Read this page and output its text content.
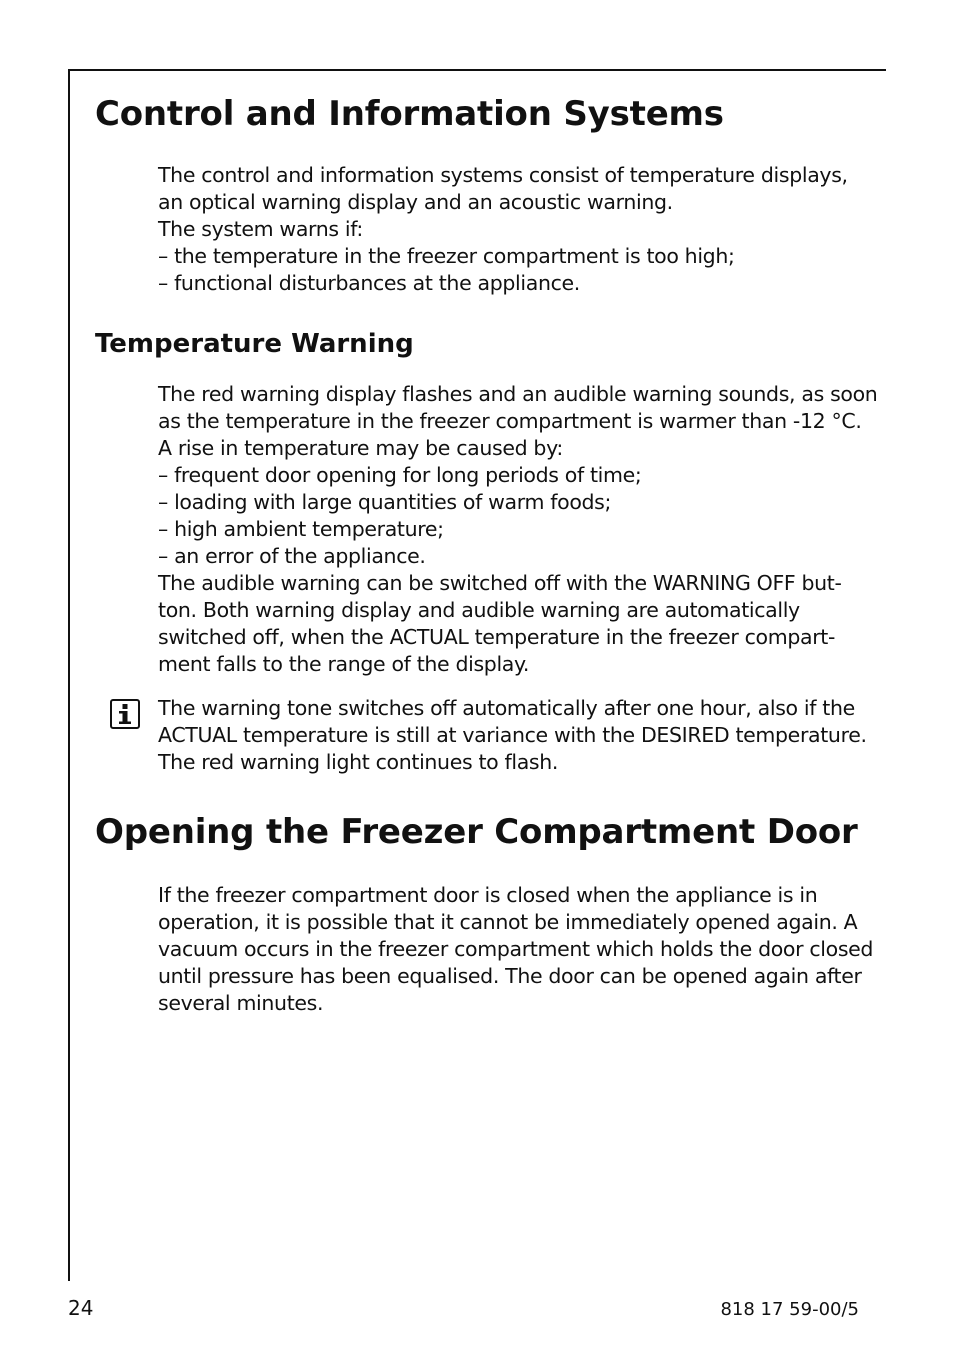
Control and Information Systems
The control and information systems consist of temperature displays,
an optical warning display and an acoustic warning.
The system warns if:
– the temperature in the freezer compartment is too high;
– functional disturbances at the appliance.
Temperature Warning
The red warning display flashes and an audible warning sounds, as soon
as the temperature in the freezer compartment is warmer than -12 °C.
A rise in temperature may be caused by:
– frequent door opening for long periods of time;
– loading with large quantities of warm foods;
– high ambient temperature;
– an error of the appliance.
The audible warning can be switched off with the WARNING OFF but-
ton. Both warning display and audible warning are automatically
switched off, when the ACTUAL temperature in the freezer compart-
ment falls to the range of the display.
The warning tone switches off automatically after one hour, also if the
ACTUAL temperature is still at variance with the DESIRED temperature.
The red warning light continues to flash.
Opening the Freezer Compartment Door
If the freezer compartment door is closed when the appliance is in
operation, it is possible that it cannot be immediately opened again. A
vacuum occurs in the freezer compartment which holds the door closed
until pressure has been equalised. The door can be opened again after
several minutes.
24	818 17 59-00/5
